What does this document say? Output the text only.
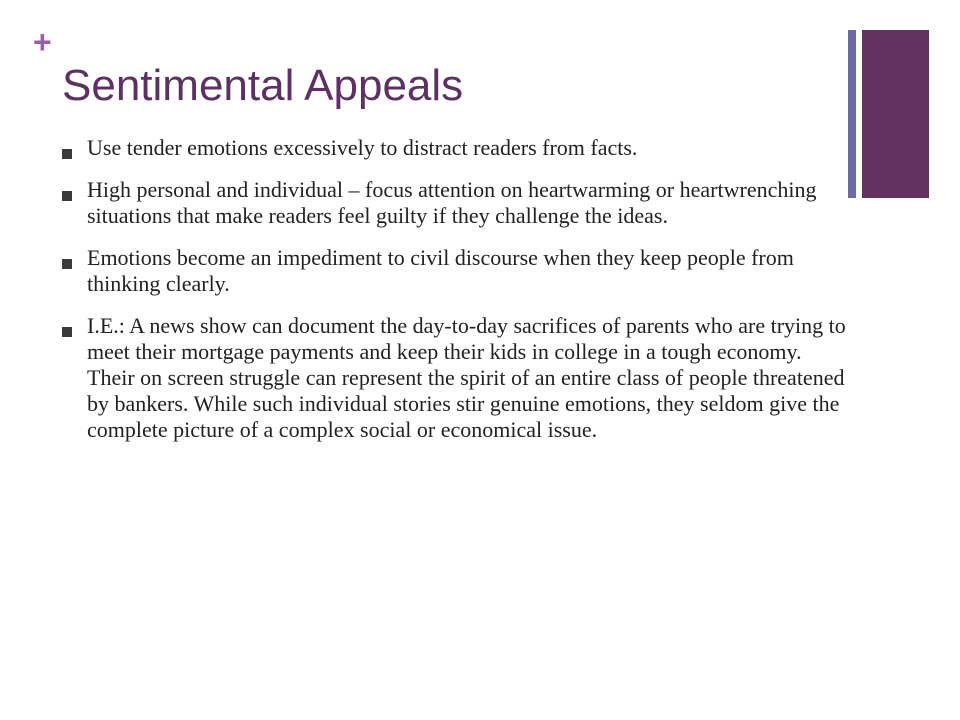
+
Sentimental Appeals
Use tender emotions excessively to distract readers from facts.
High personal and individual – focus attention on heartwarming or heartwrenching situations that make readers feel guilty if they challenge the ideas.
Emotions become an impediment to civil discourse when they keep people from thinking clearly.
I.E.: A news show can document the day-to-day sacrifices of parents who are trying to meet their mortgage payments and keep their kids in college in a tough economy. Their on screen struggle can represent the spirit of an entire class of people threatened by bankers. While such individual stories stir genuine emotions, they seldom give the complete picture of a complex social or economical issue.
